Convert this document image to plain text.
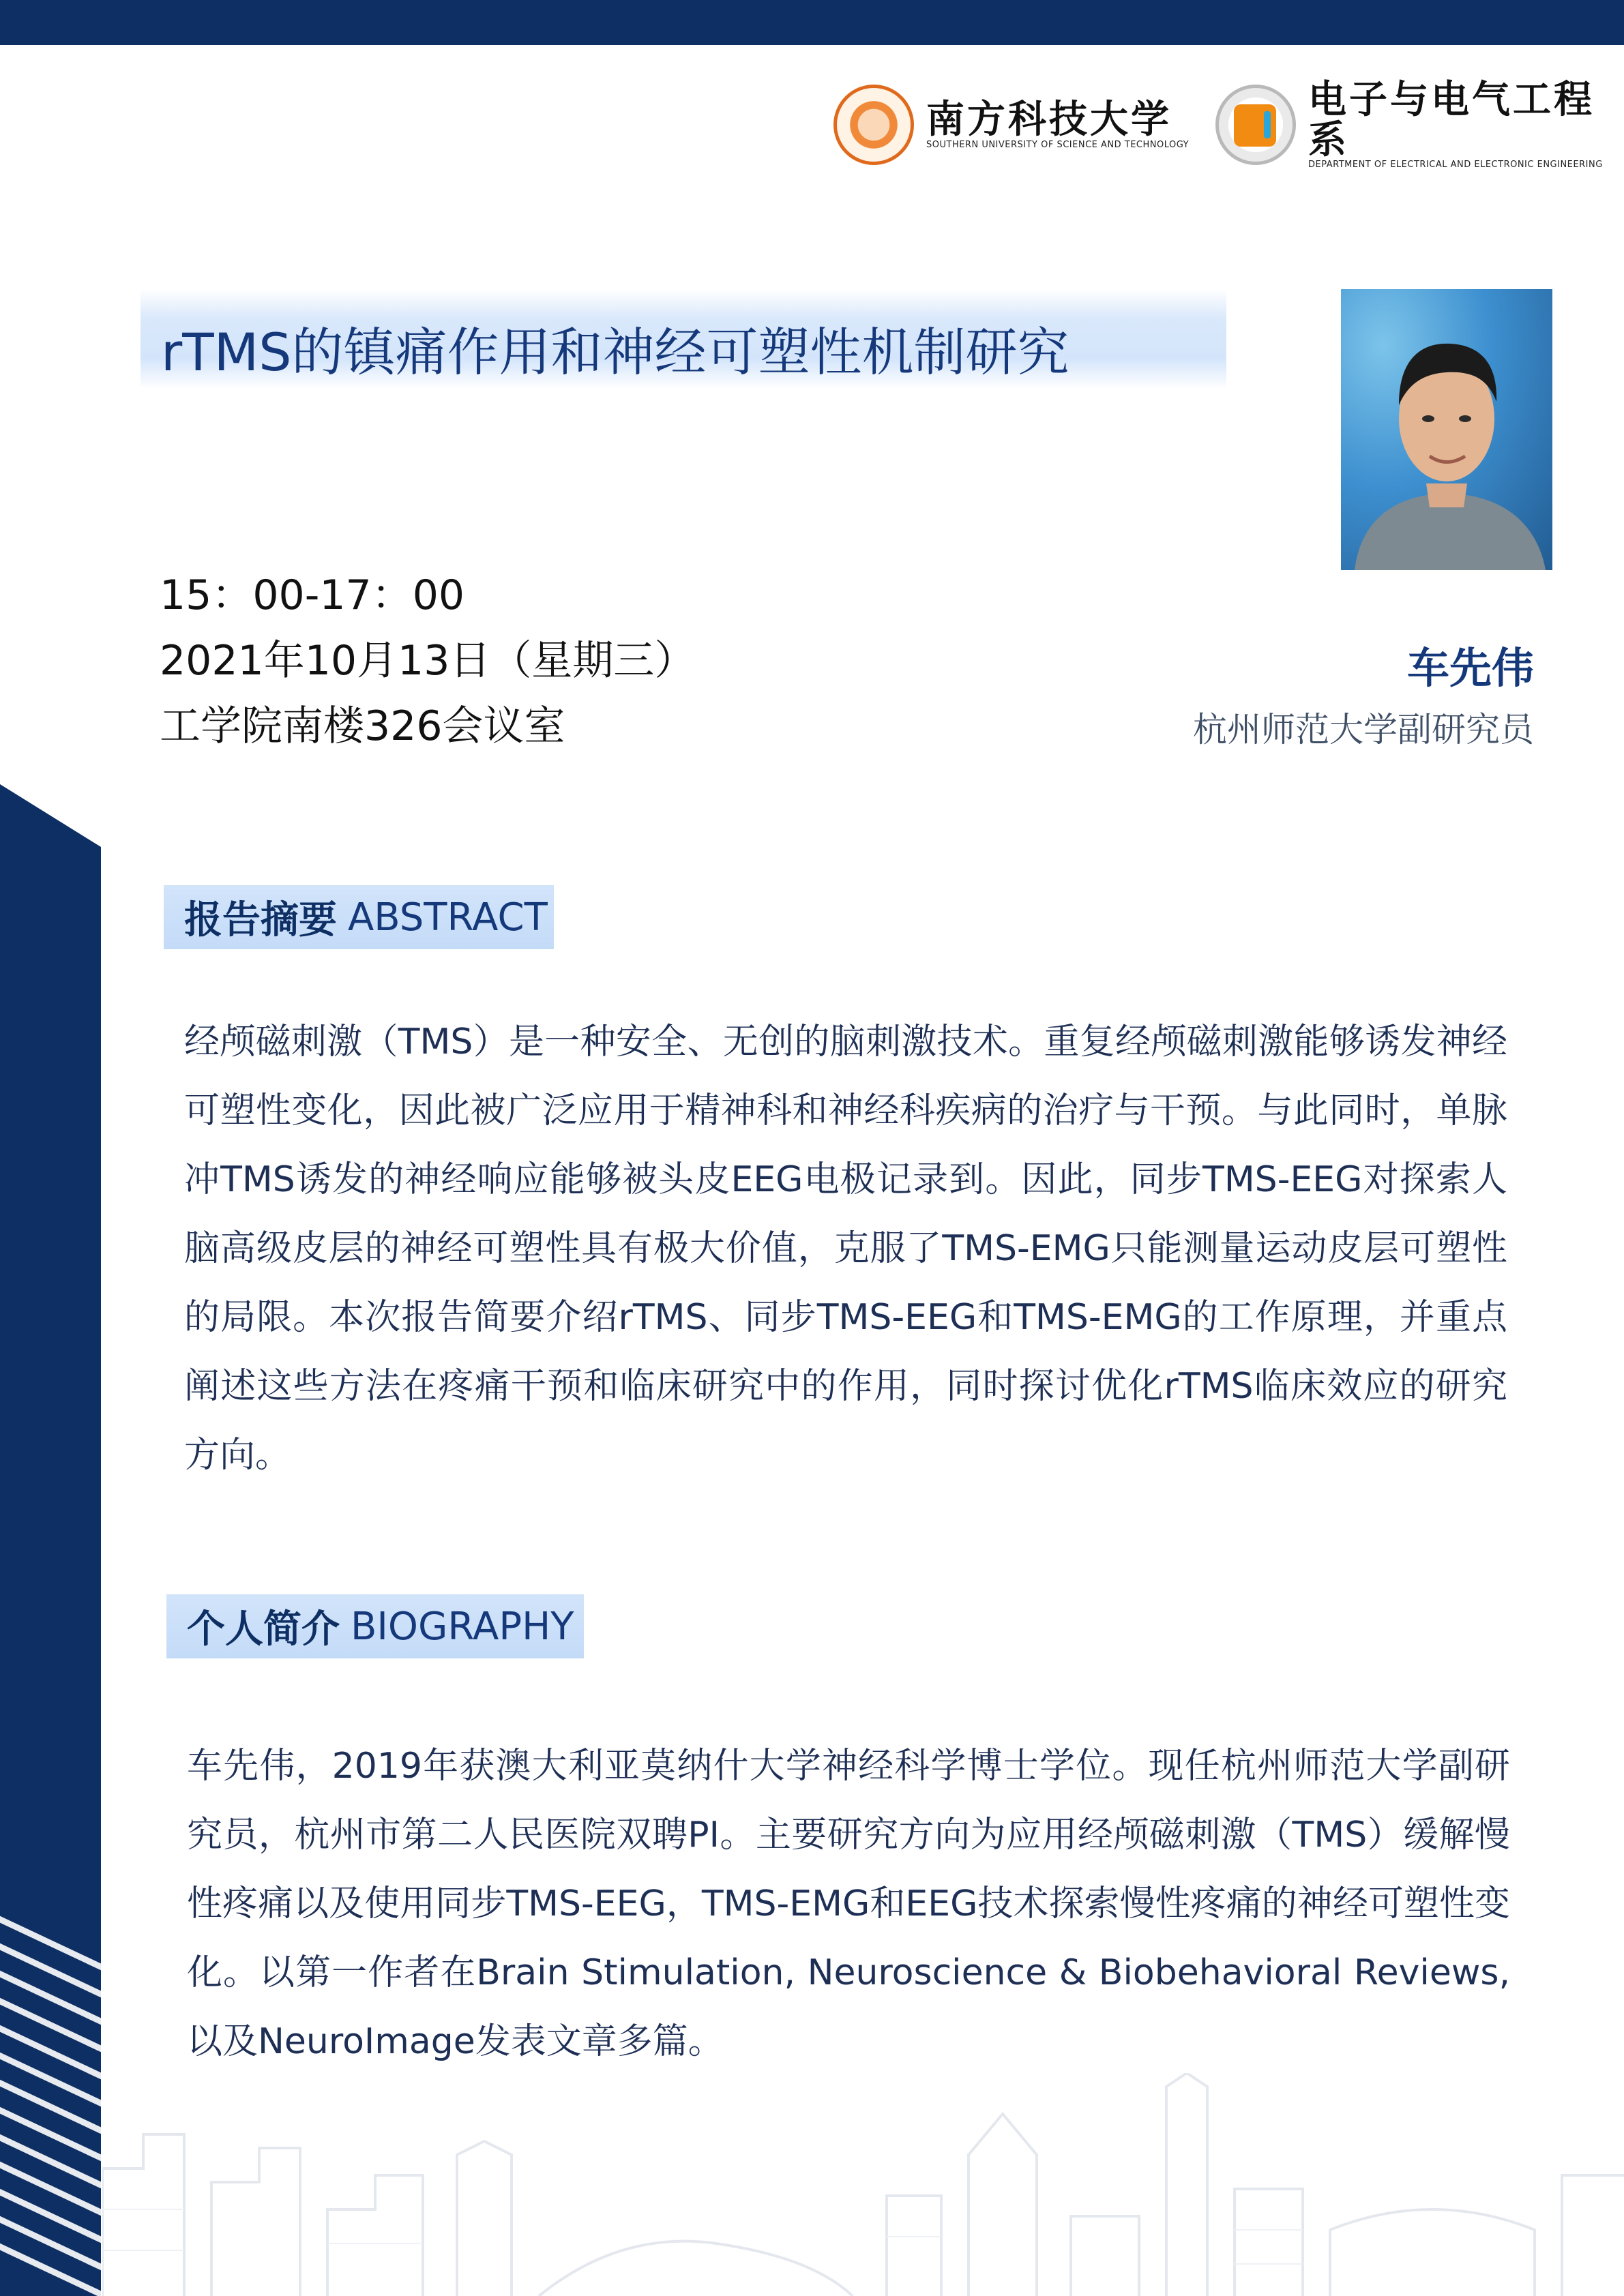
南方科技大学
SOUTHERN UNIVERSITY OF SCIENCE AND TECHNOLOGY
电子与电气工程系
DEPARTMENT OF ELECTRICAL AND ELECTRONIC ENGINEERING
rTMS的镇痛作用和神经可塑性机制研究
15：00-17：00
2021年10月13日（星期三）
工学院南楼326会议室
车先伟
杭州师范大学副研究员
报告摘要 ABSTRACT

经颅磁刺激（TMS）是一种安全、无创的脑刺激技术。重复经颅磁刺激能够诱发神经可塑性变化，因此被广泛应用于精神科和神经科疾病的治疗与干预。与此同时，单脉冲TMS诱发的神经响应能够被头皮EEG电极记录到。因此，同步TMS-EEG对探索人脑高级皮层的神经可塑性具有极大价值，克服了TMS-EMG只能测量运动皮层可塑性的局限。本次报告简要介绍rTMS、同步TMS-EEG和TMS-EMG的工作原理，并重点阐述这些方法在疼痛干预和临床研究中的作用，同时探讨优化rTMS临床效应的研究方向。

个人简介 BIOGRAPHY

车先伟，2019年获澳大利亚莫纳什大学神经科学博士学位。现任杭州师范大学副研究员，杭州市第二人民医院双聘PI。主要研究方向为应用经颅磁刺激（TMS）缓解慢性疼痛以及使用同步TMS-EEG，TMS-EMG和EEG技术探索慢性疼痛的神经可塑性变化。以第一作者在Brain Stimulation, Neuroscience & Biobehavioral Reviews, 以及NeuroImage发表文章多篇。
